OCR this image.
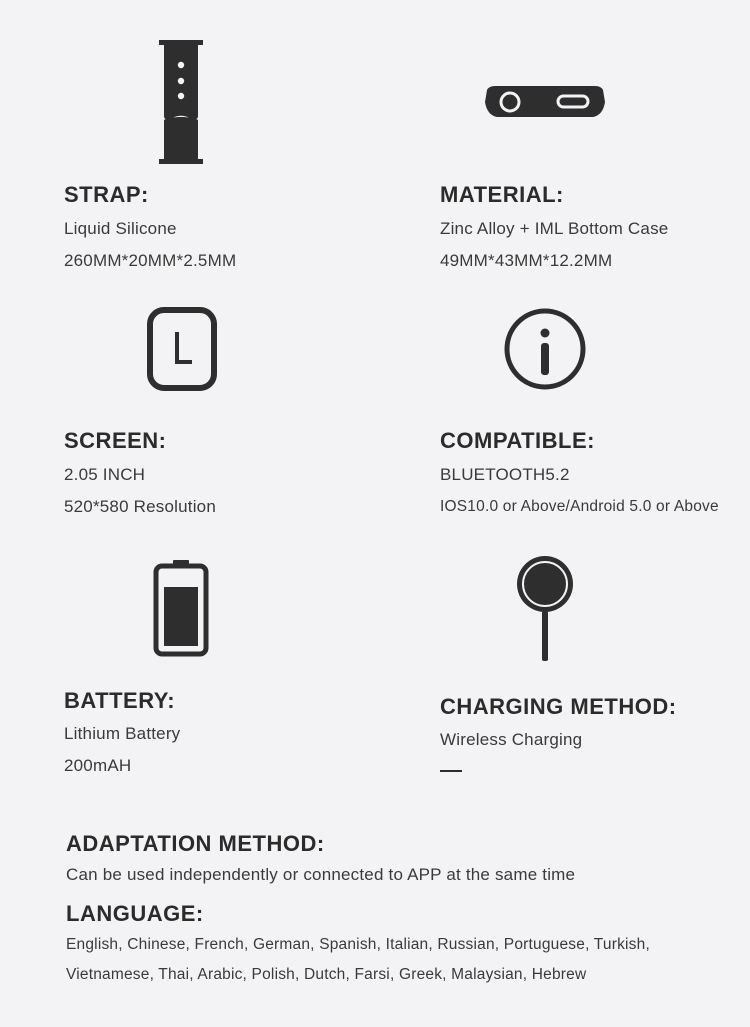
STRAP:
Liquid Silicone
260MM*20MM*2.5MM
MATERIAL:
Zinc Alloy + IML Bottom Case
49MM*43MM*12.2MM
SCREEN:
2.05 INCH
520*580 Resolution
COMPATIBLE:
BLUETOOTH5.2
IOS10.0 or Above/Android 5.0 or Above
BATTERY:
Lithium Battery
200mAH
CHARGING METHOD:
Wireless Charging
ADAPTATION METHOD:
Can be used independently or connected to APP at the same time
LANGUAGE:
English, Chinese, French, German, Spanish, Italian, Russian, Portuguese, Turkish,
Vietnamese, Thai, Arabic, Polish, Dutch, Farsi, Greek, Malaysian, Hebrew
